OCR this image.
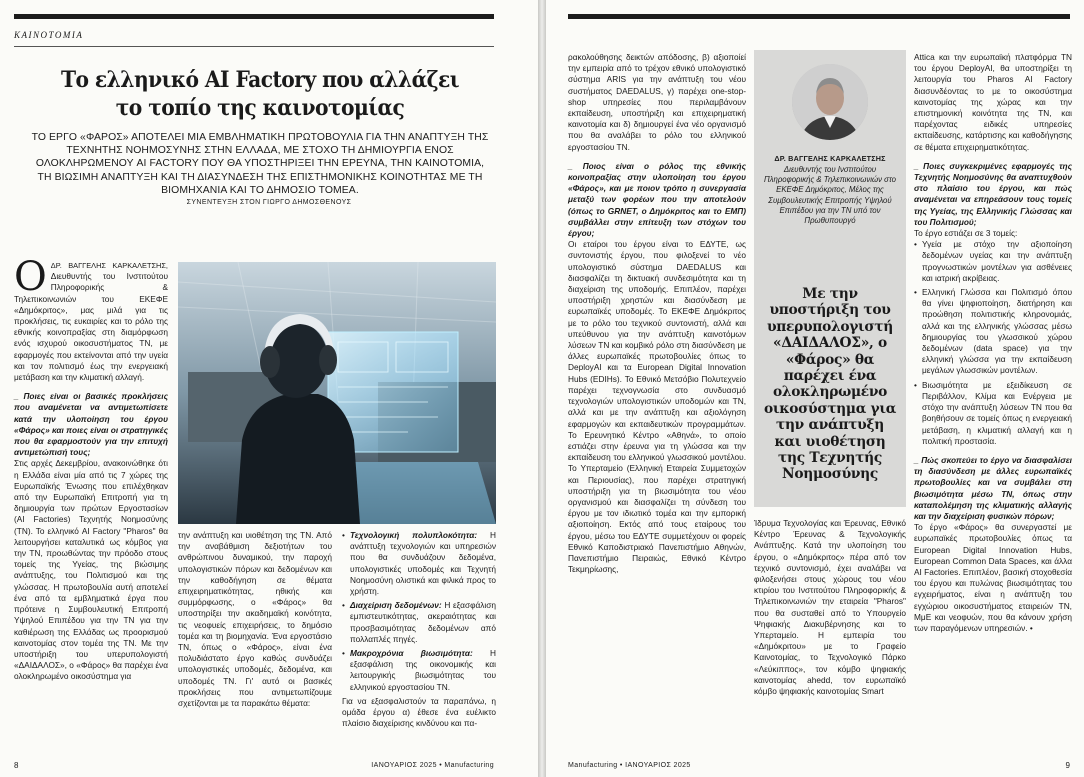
ΚΑΙΝΟΤΟΜΙΑ
Το ελληνικό AI Factory που αλλάζει το τοπίο της καινοτομίας
ΤΟ ΕΡΓΟ «ΦΑΡΟΣ» ΑΠΟΤΕΛΕΙ ΜΙΑ ΕΜΒΛΗΜΑΤΙΚΗ ΠΡΩΤΟΒΟΥΛΙΑ ΓΙΑ ΤΗΝ ΑΝΑΠΤΥΞΗ ΤΗΣ ΤΕΧΝΗΤΗΣ ΝΟΗΜΟΣΥΝΗΣ ΣΤΗΝ ΕΛΛΑΔΑ, ΜΕ ΣΤΟΧΟ ΤΗ ΔΗΜΙΟΥΡΓΙΑ ΕΝΟΣ ΟΛΟΚΛΗΡΩΜΕΝΟΥ AI FACTORY ΠΟΥ ΘΑ ΥΠΟΣΤΗΡΙΞΕΙ ΤΗΝ ΕΡΕΥΝΑ, ΤΗΝ ΚΑΙΝΟΤΟΜΙΑ, ΤΗ ΒΙΩΣΙΜΗ ΑΝΑΠΤΥΞΗ ΚΑΙ ΤΗ ΔΙΑΣΥΝΔΕΣΗ ΤΗΣ ΕΠΙΣΤΗΜΟΝΙΚΗΣ ΚΟΙΝΟΤΗΤΑΣ ΜΕ ΤΗ ΒΙΟΜΗΧΑΝΙΑ ΚΑΙ ΤΟ ΔΗΜΟΣΙΟ ΤΟΜΕΑ.
ΣΥΝΕΝΤΕΥΞΗ ΣΤΟΝ ΓΙΩΡΓΟ ΔΗΜΟΣΘΕΝΟΥΣ

ΟΔΡ. ΒΑΓΓΕΛΗΣ ΚΑΡΚΑΛΕΤΣΗΣ, Διευθυντής του Ινστιτούτου Πληροφορικής & Τηλεπικοινωνιών του ΕΚΕΦΕ «Δημόκριτος», μας μιλά για τις προκλήσεις, τις ευκαιρίες και το ρόλο της εθνικής κοινοπραξίας στη διαμόρφωση ενός ισχυρού οικοσυστήματος ΤΝ, με εφαρμογές που εκτείνονται από την υγεία και τον πολιτισμό έως την ενεργειακή μετάβαση και την κλιματική αλλαγή.

_ Ποιες είναι οι βασικές προκλήσεις που αναμένεται να αντιμετωπίσετε κατά την υλοποίηση του έργου «Φάρος» και ποιες είναι οι στρατηγικές που θα εφαρμοστούν για την επιτυχή αντιμετώπισή τους;

Στις αρχές Δεκεμβρίου, ανακοινώθηκε ότι η Ελλάδα είναι μία από τις 7 χώρες της Ευρωπαϊκής Ένωσης που επιλέχθηκαν από την Ευρωπαϊκή Επιτροπή για τη δημιουργία των πρώτων Εργοστασίων (AI Factories) Τεχνητής Νοημοσύνης (ΤΝ). Το ελληνικό AI Factory "Pharos" θα λειτουργήσει καταλυτικά ως κόμβος για την ΤΝ, προωθώντας την πρόοδο στους τομείς της Υγείας, της βιώσιμης ανάπτυξης, του Πολιτισμού και της γλώσσας. Η πρωτοβουλία αυτή αποτελεί ένα από τα εμβληματικά έργα που πρότεινε η Συμβουλευτική Επιτροπή Υψηλού Επιπέδου για την ΤΝ για την καθιέρωση της Ελλάδας ως προορισμού καινοτομίας στον τομέα της ΤΝ. Με την υποστήριξη του υπερυπολογιστή «ΔΑΙΔΑΛΟΣ», ο «Φάρος» θα παρέχει ένα ολοκληρωμένο οικοσύστημα για

την ανάπτυξη και υιοθέτηση της ΤΝ. Από την αναβάθμιση δεξιοτήτων του ανθρώπινου δυναμικού, την παροχή υπολογιστικών πόρων και δεδομένων και την καθοδήγηση σε θέματα επιχειρηματικότητας, ηθικής και συμμόρφωσης, ο «Φάρος» θα υποστηρίξει την ακαδημαϊκή κοινότητα, τις νεοφυείς επιχειρήσεις, το δημόσιο τομέα και τη βιομηχανία. Ένα εργοστάσιο ΤΝ, όπως ο «Φάρος», είναι ένα πολυδιάστατο έργο καθώς συνδυάζει υπολογιστικές υποδομές, δεδομένα, και υποδομές ΤΝ. Γι' αυτό οι βασικές προκλήσεις που αντιμετωπίζουμε σχετίζονται με τα παρακάτω θέματα:

• Τεχνολογική πολυπλοκότητα: Η ανάπτυξη τεχνολογιών και υπηρεσιών που θα συνδυάζουν δεδομένα, υπολογιστικές υποδομές και Τεχνητή Νοημοσύνη ολιστικά και φιλικά προς το χρήστη.
• Διαχείριση δεδομένων: Η εξασφάλιση εμπιστευτικότητας, ακεραιότητας και προσβασιμότητας δεδομένων από πολλαπλές πηγές.
• Μακροχρόνια βιωσιμότητα: Η εξασφάλιση της οικονομικής και λειτουργικής βιωσιμότητας του ελληνικού εργοστασίου ΤΝ.

Για να εξασφαλιστούν τα παραπάνω, η ομάδα έργου α) έθεσε ένα ευέλικτο πλαίσιο διαχείρισης κινδύνου και πα-

8	ΙΑΝΟΥΑΡΙΟΣ 2025 • Manufacturing

ρακολούθησης δεικτών απόδοσης, β) αξιοποίεί την εμπειρία από το τρέχον εθνικό υπολογιστικό σύστημα ARIS για την ανάπτυξη του νέου συστήματος DAEDALUS, γ) παρέχει one-stop-shop υπηρεσίες που περιλαμβάνουν εκπαίδευση, υποστήριξη και επιχειρηματική καινοτομία και δ) δημιουργεί ένα νέο οργανισμό που θα αναλάβει το ρόλο του ελληνικού εργοστασίου ΤΝ.

_ Ποιος είναι ο ρόλος της εθνικής κοινοπραξίας στην υλοποίηση του έργου «Φάρος», και με ποιον τρόπο η συνεργασία μεταξύ των φορέων που την αποτελούν (όπως το GRNET, ο Δημόκριτος και το ΕΜΠ) συμβάλλει στην επίτευξη των στόχων του έργου;

Οι εταίροι του έργου είναι το ΕΔΥΤΕ, ως συντονιστής έργου, που φιλοξενεί το νέο υπολογιστικό σύστημα DAEDALUS και διασφαλίζει τη δικτυακή συνδεσιμότητα και τη διαχείριση της υποδομής. Επιπλέον, παρέχει υποστήριξη χρηστών και διασύνδεση με ευρωπαϊκές υποδομές. Το ΕΚΕΦΕ Δημόκριτος με το ρόλο του τεχνικού συντονιστή, αλλά και υπεύθυνου για την ανάπτυξη καινοτόμων λύσεων ΤΝ και κομβικό ρόλο στη διασύνδεση με άλλες ευρωπαϊκές πρωτοβουλίες όπως το DeployAI και τα European Digital Innovation Hubs (EDIHs). Το Εθνικό Μετσόβιο Πολυτεχνείο παρέχει τεχνογνωσία στο συνδυασμό τεχνολογιών υπολογιστικών υποδομών και ΤΝ, αλλά και με την ανάπτυξη και αξιολόγηση εφαρμογών και εκπαιδευτικών προγραμμάτων. Το Ερευνητικό Κέντρο «Αθηνά», το οποίο εστιάζει στην έρευνα για τη γλώσσα και την εκπαίδευση του ελληνικού γλωσσικού μοντέλου. Το Υπερταμείο (Ελληνική Εταιρεία Συμμετοχών και Περιουσίας), που παρέχει στρατηγική υποστήριξη για τη βιωσιμότητα του νέου οργανισμού και διασφαλίζει τη σύνδεση του έργου με τον ιδιωτικό τομέα και την εμπορική αξιοποίηση. Εκτός από τους εταίρους του έργου, μέσω του ΕΔΥΤΕ συμμετέχουν οι φορείς Εθνικό Καποδιστριακό Πανεπιστήμιο Αθηνών, Πανεπιστήμιο Πειραιώς, Εθνικό Κέντρο Τεκμηρίωσης,

ΔΡ. ΒΑΓΓΕΛΗΣ ΚΑΡΚΑΛΕΤΣΗΣ
Διευθυντής του Ινστιτούτου Πληροφορικής & Τηλεπικοινωνιών στο ΕΚΕΦΕ Δημόκριτος, Μέλος της Συμβουλευτικής Επιτροπής Υψηλού Επιπέδου για την ΤΝ υπό τον Πρωθυπουργό
Με την υποστήριξη του υπερυπολογιστή «ΔΑΙΔΑΛΟΣ», ο «Φάρος» θα παρέχει ένα ολοκληρωμένο οικοσύστημα για την ανάπτυξη και υιοθέτηση της Τεχνητής Νοημοσύνης

Ίδρυμα Τεχνολογίας και Έρευνας, Εθνικό Κέντρο Έρευνας & Τεχνολογικής Ανάπτυξης. Κατά την υλοποίηση του έργου, ο «Δημόκριτος» πέρα από τον τεχνικό συντονισμό, έχει αναλάβει να φιλοξενήσει στους χώρους του νέου κτιρίου του Ινστιτούτου Πληροφορικής & Τηλεπικοινωνιών την εταιρεία "Pharos" που θα συσταθεί από το Υπουργείο Ψηφιακής Διακυβέρνησης και το Υπερταμείο. Η εμπειρία του «Δημόκριτου» με το Γραφείο Καινοτομίας, το Τεχνολογικό Πάρκο «Λεύκιππος», τον κόμβο ψηφιακής καινοτομίας ahedd, τον ευρωπαϊκό κόμβο ψηφιακής καινοτομίας Smart

Attica και την ευρωπαϊκή πλατφόρμα ΤΝ του έργου DeployAI, θα υποστηρίξει τη λειτουργία του Pharos AI Factory διασυνδέοντας το με το οικοσύστημα καινοτομίας της χώρας και την επιστημονική κοινότητα της ΤΝ, και παρέχοντας ειδικές υπηρεσίες εκπαίδευσης, κατάρτισης και καθοδήγησης σε θέματα επιχειρηματικότητας.

_ Ποιες συγκεκριμένες εφαρμογές της Τεχνητής Νοημοσύνης θα αναπτυχθούν στο πλαίσιο του έργου, και πώς αναμένεται να επηρεάσουν τους τομείς της Υγείας, της Ελληνικής Γλώσσας και του Πολιτισμού;

Το έργο εστιάζει σε 3 τομείς:

• Υγεία με στόχο την αξιοποίηση δεδομένων υγείας και την ανάπτυξη προγνωστικών μοντέλων για ασθένειες και ιατρική ακρίβειας.
• Ελληνική Γλώσσα και Πολιτισμό όπου θα γίνει ψηφιοποίηση, διατήρηση και προώθηση πολιτιστικής κληρονομιάς, αλλά και της ελληνικής γλώσσας μέσω δημιουργίας του γλωσσικού χώρου δεδομένων (data space) για την ελληνική γλώσσα για την εκπαίδευση μεγάλων γλωσσικών μοντέλων.
• Βιωσιμότητα με εξειδίκευση σε Περιβάλλον, Κλίμα και Ενέργεια με στόχο την ανάπτυξη λύσεων ΤΝ που θα βοηθήσουν σε τομείς όπως η ενεργειακή μετάβαση, η κλιματική αλλαγή και η πολιτική προστασία.

_ Πώς σκοπεύει το έργο να διασφαλίσει τη διασύνδεση με άλλες ευρωπαϊκές πρωτοβουλίες και να συμβάλει στη βιωσιμότητα μέσω ΤΝ, όπως στην καταπολέμηση της κλιματικής αλλαγής και την διαχείριση φυσικών πόρων;

Το έργο «Φάρος» θα συνεργαστεί με ευρωπαϊκές πρωτοβουλίες όπως τα European Digital Innovation Hubs, European Common Data Spaces, και άλλα AI Factories. Επιπλέον, βασική στοχοθεσία του έργου και πυλώνας βιωσιμότητας του εγχειρήματος, είναι η ανάπτυξη του εγχώριου οικοσυστήματος εταιρειών ΤΝ, ΜμΕ και νεοφυών, που θα κάνουν χρήση των παραγόμενων υπηρεσιών. •

Manufacturing • ΙΑΝΟΥΑΡΙΟΣ 2025	9
